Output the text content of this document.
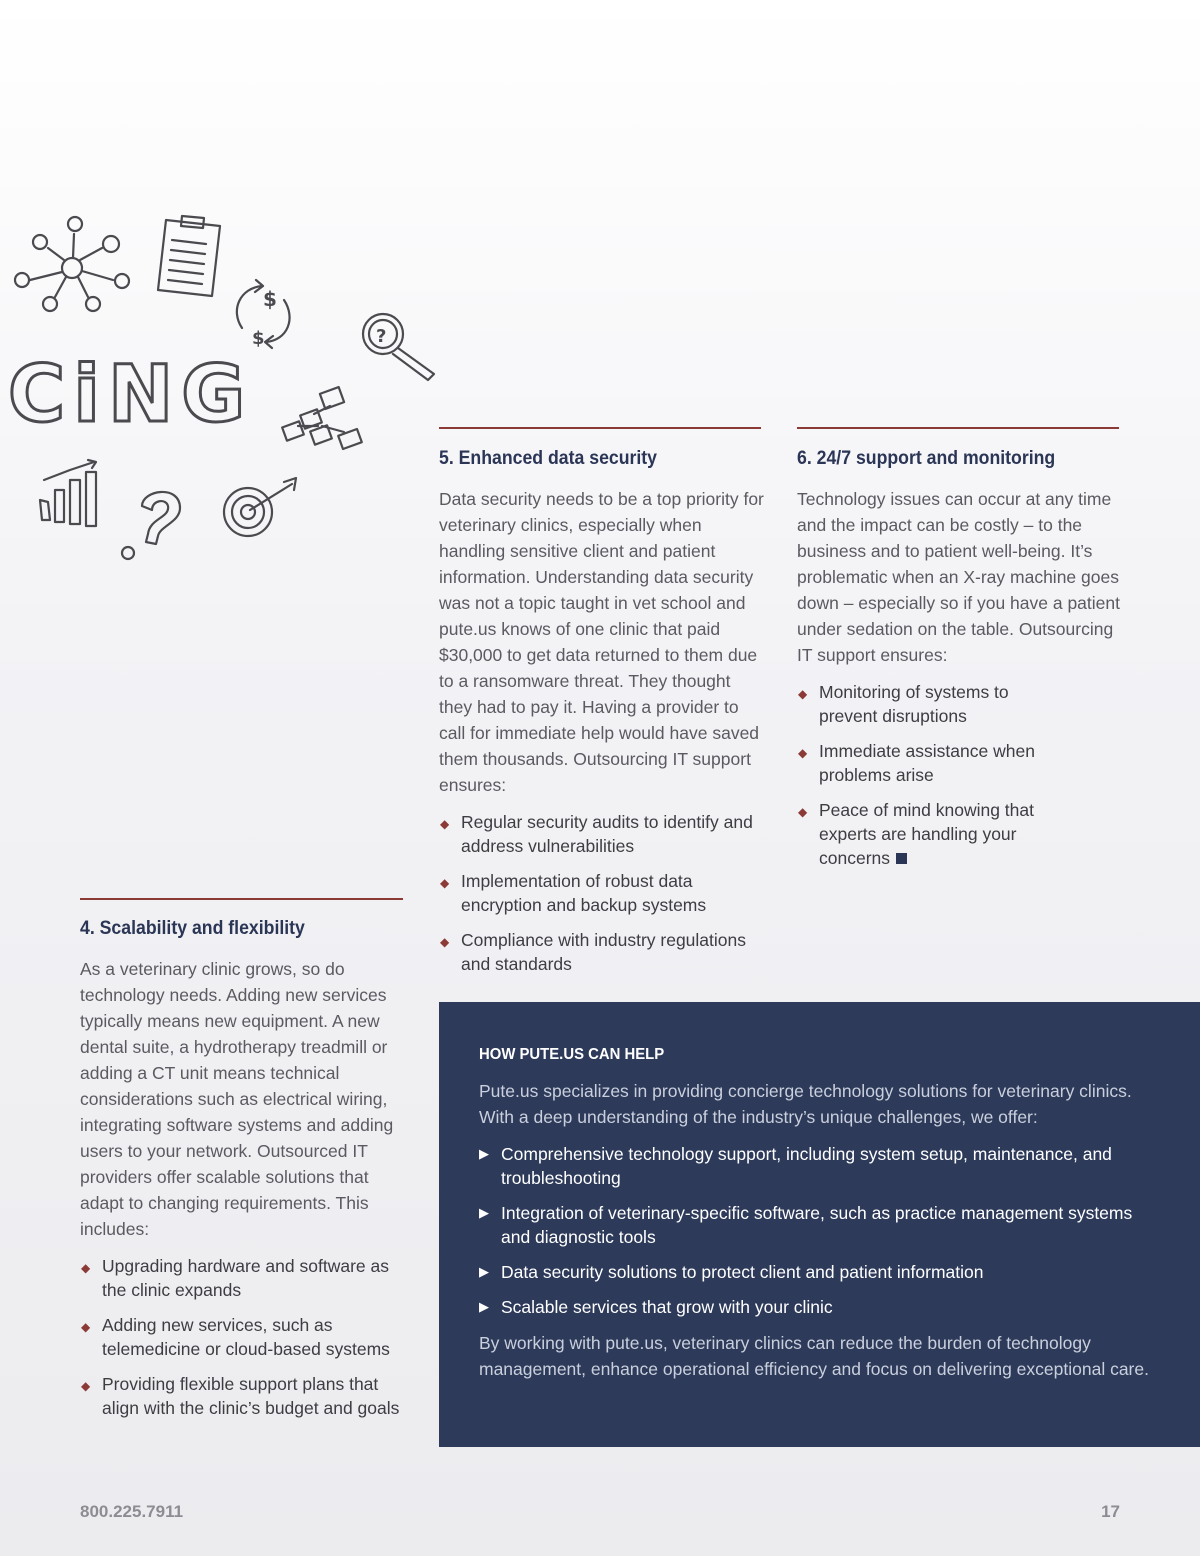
$
$	?
CiNG
5. Enhanced data security

Data security needs to be a top priority for veterinary clinics, especially when handling sensitive client and patient information. Understanding data security was not a topic taught in vet school and pute.us knows of one clinic that paid $30,000 to get data returned to them due to a ransomware threat. They thought they had to pay it. Having a provider to call for immediate help would have saved them thousands. Outsourcing IT support ensures:

◆ Regular security audits to identify and address vulnerabilities
◆ Implementation of robust data encryption and backup systems
◆ Compliance with industry regulations and standards
6. 24/7 support and monitoring

Technology issues can occur at any time and the impact can be costly – to the business and to patient well-being. It’s problematic when an X-ray machine goes down – especially so if you have a patient under sedation on the table. Outsourcing IT support ensures:

◆ Monitoring of systems to prevent disruptions
◆ Immediate assistance when problems arise
◆ Peace of mind knowing that experts are handling your concerns
4. Scalability and flexibility

As a veterinary clinic grows, so do technology needs. Adding new services typically means new equipment. A new dental suite, a hydrotherapy treadmill or adding a CT unit means technical considerations such as electrical wiring, integrating software systems and adding users to your network. Outsourced IT providers offer scalable solutions that adapt to changing requirements. This includes:

◆ Upgrading hardware and software as the clinic expands
◆ Adding new services, such as telemedicine or cloud-based systems
◆ Providing flexible support plans that align with the clinic’s budget and goals
HOW PUTE.US CAN HELP

Pute.us specializes in providing concierge technology solutions for veterinary clinics. With a deep understanding of the industry’s unique challenges, we offer:

▶ Comprehensive technology support, including system setup, maintenance, and troubleshooting
▶ Integration of veterinary-specific software, such as practice management systems and diagnostic tools
▶ Data security solutions to protect client and patient information
▶ Scalable services that grow with your clinic

By working with pute.us, veterinary clinics can reduce the burden of technology management, enhance operational efficiency and focus on delivering exceptional care.

800.225.7911	17
